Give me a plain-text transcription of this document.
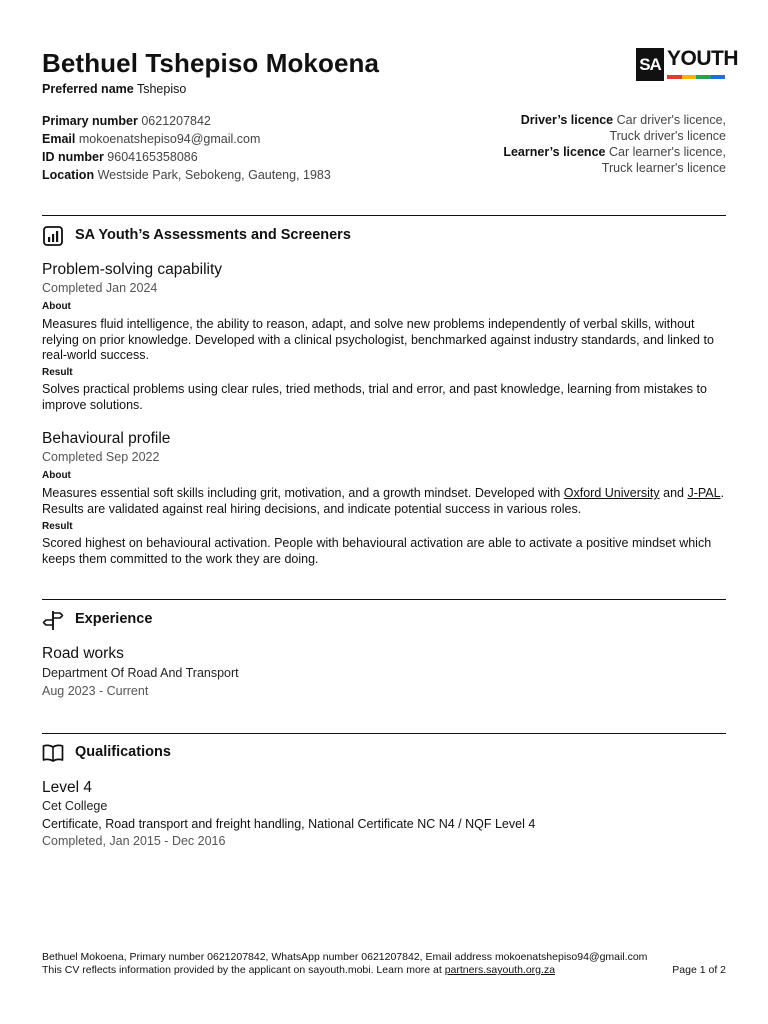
Bethuel Tshepiso Mokoena
Preferred name Tshepiso
SA YOUTH
Primary number 0621207842
Email mokoenatshepiso94@gmail.com
ID number 9604165358086
Location Westside Park, Sebokeng, Gauteng, 1983
Driver’s licence Car driver's licence, Truck driver's licence
Learner’s licence Car learner's licence, Truck learner's licence
SA Youth’s Assessments and Screeners
Problem-solving capability
Completed Jan 2024
About
Measures fluid intelligence, the ability to reason, adapt, and solve new problems independently of verbal skills, without relying on prior knowledge. Developed with a clinical psychologist, benchmarked against industry standards, and linked to real-world success.
Result
Solves practical problems using clear rules, tried methods, trial and error, and past knowledge, learning from mistakes to improve solutions.
Behavioural profile
Completed Sep 2022
About
Measures essential soft skills including grit, motivation, and a growth mindset. Developed with Oxford University and J-PAL. Results are validated against real hiring decisions, and indicate potential success in various roles.
Result
Scored highest on behavioural activation. People with behavioural activation are able to activate a positive mindset which keeps them committed to the work they are doing.
Experience
Road works
Department Of Road And Transport
Aug 2023 - Current
Qualifications
Level 4
Cet College
Certificate, Road transport and freight handling, National Certificate NC N4 / NQF Level 4
Completed, Jan 2015 - Dec 2016
Bethuel Mokoena, Primary number 0621207842, WhatsApp number 0621207842, Email address mokoenatshepiso94@gmail.com
This CV reflects information provided by the applicant on sayouth.mobi. Learn more at partners.sayouth.org.za	Page 1 of 2
